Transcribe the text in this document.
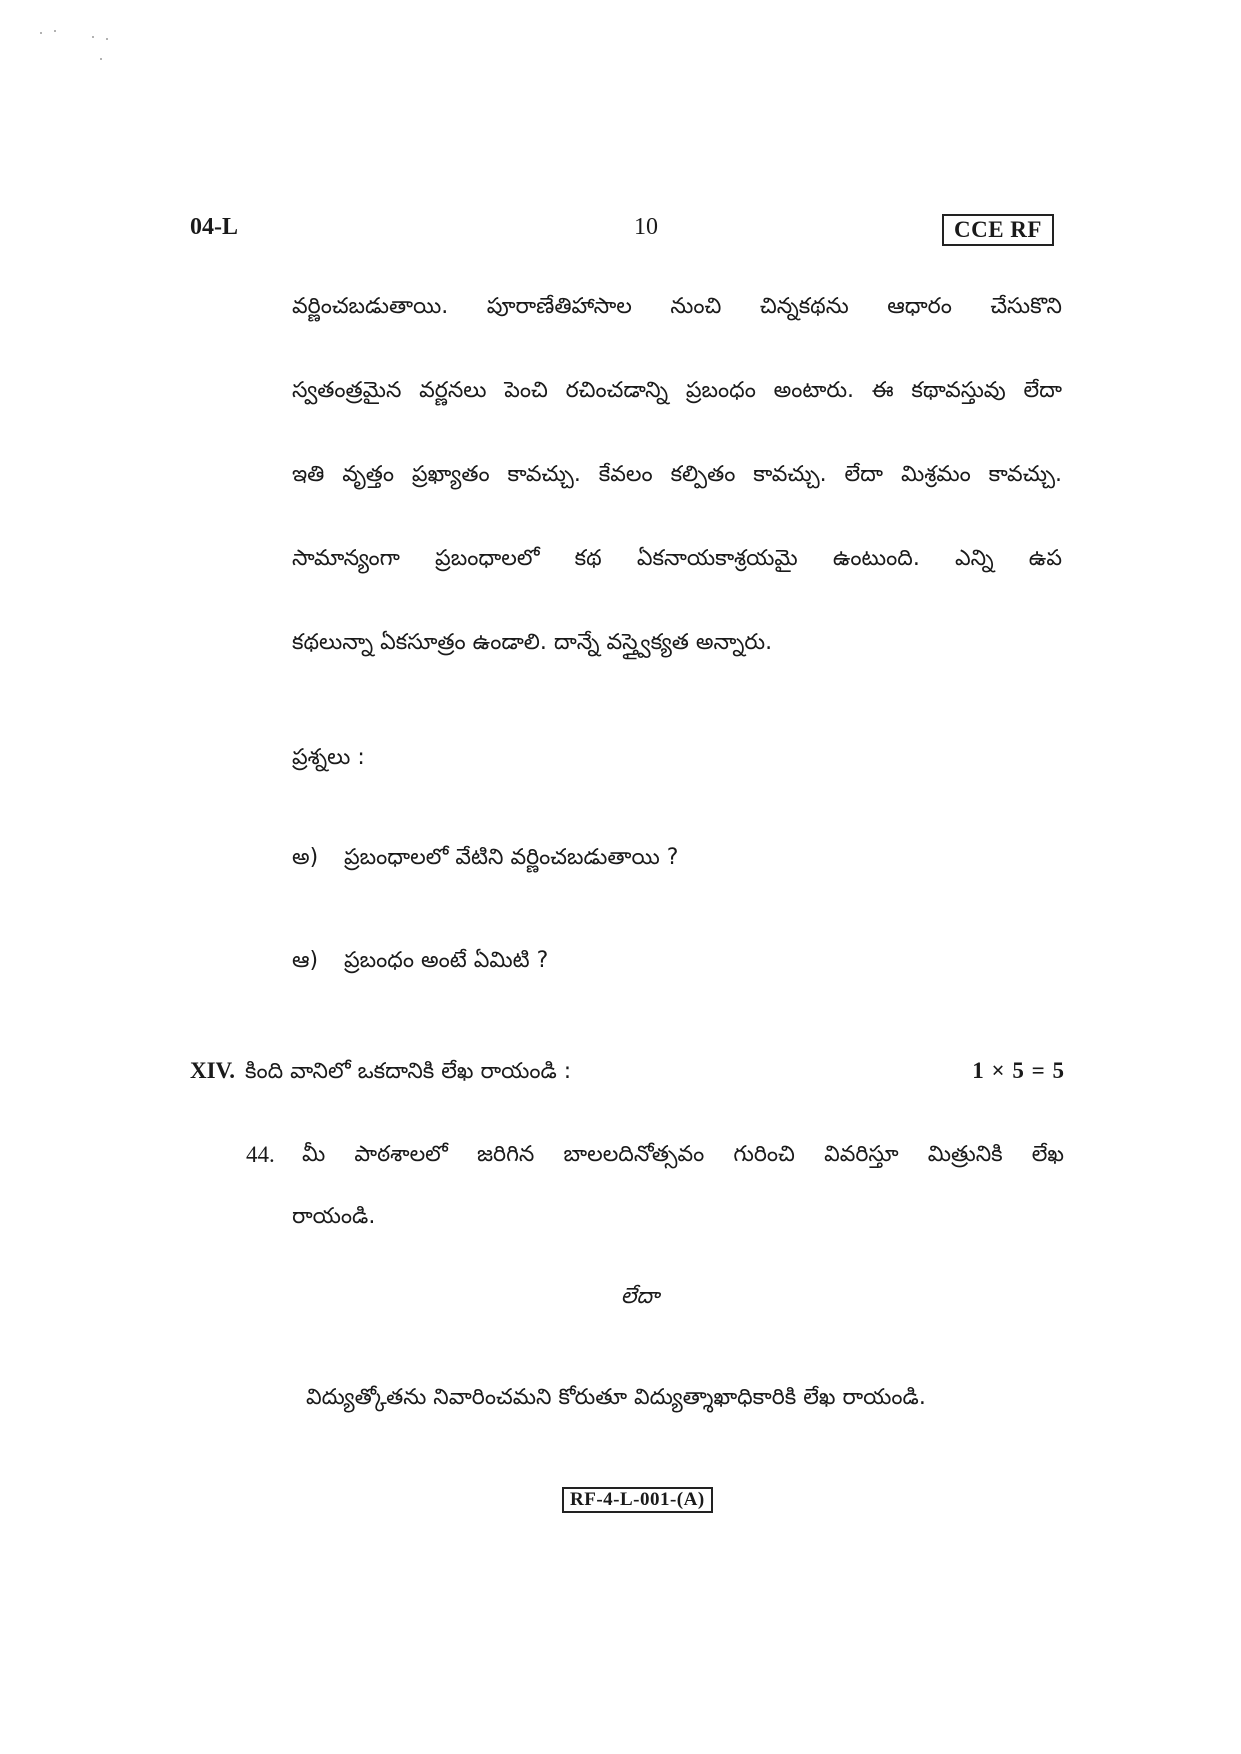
04-L	10	CCE RF
వర్ణించబడుతాయి. పూరాణేతిహాసాల నుంచి చిన్నకథను ఆధారం చేసుకొని
స్వతంత్రమైన వర్ణనలు పెంచి రచించడాన్ని ప్రబంధం అంటారు. ఈ కథావస్తువు లేదా
ఇతి వృత్తం ప్రఖ్యాతం కావచ్చు. కేవలం కల్పితం కావచ్చు. లేదా మిశ్రమం కావచ్చు.
సామాన్యంగా ప్రబంధాలలో కథ ఏకనాయకాశ్రయమై ఉంటుంది. ఎన్ని ఉప
కథలున్నా ఏకసూత్రం ఉండాలి. దాన్నే వస్త్వైక్యత అన్నారు.
ప్రశ్నలు :
అ) ప్రబంధాలలో వేటిని వర్ణించబడుతాయి ?
ఆ) ప్రబంధం అంటే ఏమిటి ?
XIV. కింది వానిలో ఒకదానికి లేఖ రాయండి :	1 × 5 = 5
44. మీ పాఠశాలలో జరిగిన బాలలదినోత్సవం గురించి వివరిస్తూ మిత్రునికి లేఖ
రాయండి.
లేదా
విద్యుత్కోతను నివారించమని కోరుతూ విద్యుత్శాఖాధికారికి లేఖ రాయండి.
RF-4-L-001-(A)
